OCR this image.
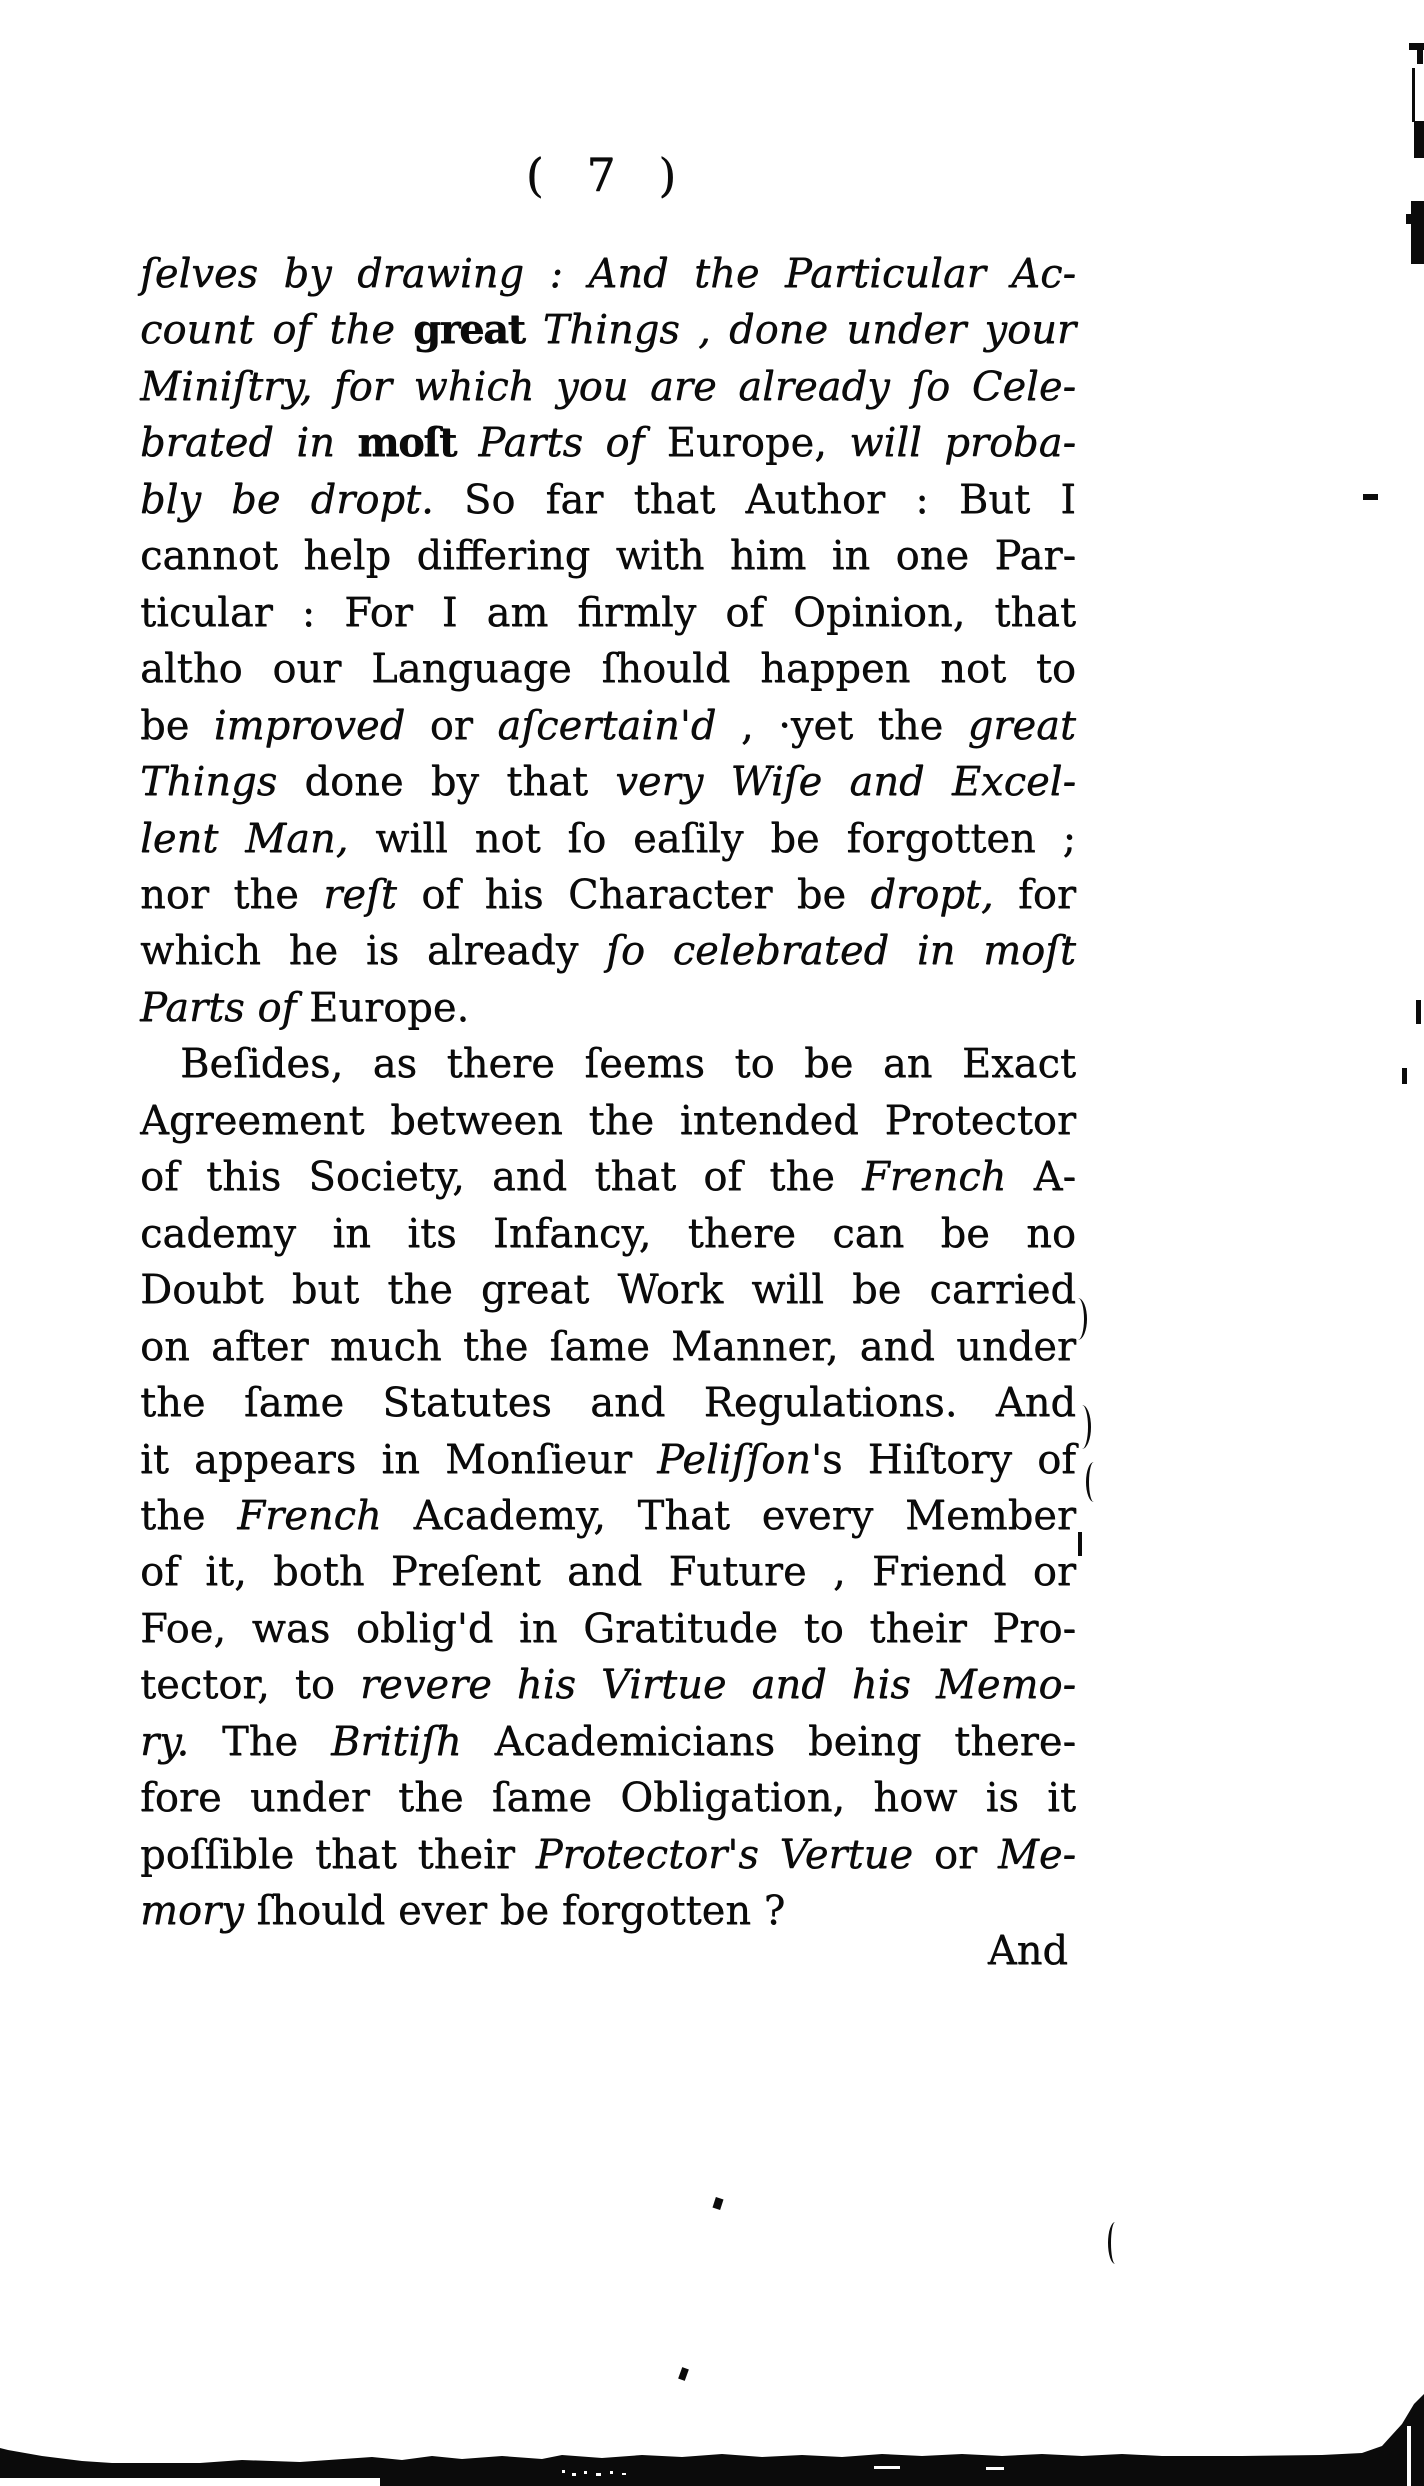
( 7 )
ſelves by drawing : And the Particular Ac-
count of the great Things , done under your
Miniſtry, for which you are already ſo Cele-
brated in moſt Parts of Europe, will proba-
bly be dropt. So far that Author : But I
cannot help differing with him in one Par-
ticular : For I am firmly of Opinion, that
altho our Language ſhould happen not to
be improved or aſcertain'd , ·yet the great
Things done by that very Wiſe and Excel-
lent Man, will not ſo eaſily be forgotten ;
nor the reſt of his Character be dropt, for
which he is already ſo celebrated in moſt
Parts of Europe.
Beſides, as there ſeems to be an Exact
Agreement between the intended Protector
of this Society, and that of the French A-
cademy in its Infancy, there can be no
Doubt but the great Work will be carried
on after much the ſame Manner, and under
the ſame Statutes and Regulations. And
it appears in Monſieur Peliſſon's Hiſtory of
the French Academy, That every Member
of it, both Preſent and Future , Friend or
Foe, was oblig'd in Gratitude to their Pro-
tector, to revere his Virtue and his Memo-
ry. The Britiſh Academicians being there-
fore under the ſame Obligation, how is it
poſſible that their Protector's Vertue or Me-
mory ſhould ever be forgotten ?
And
